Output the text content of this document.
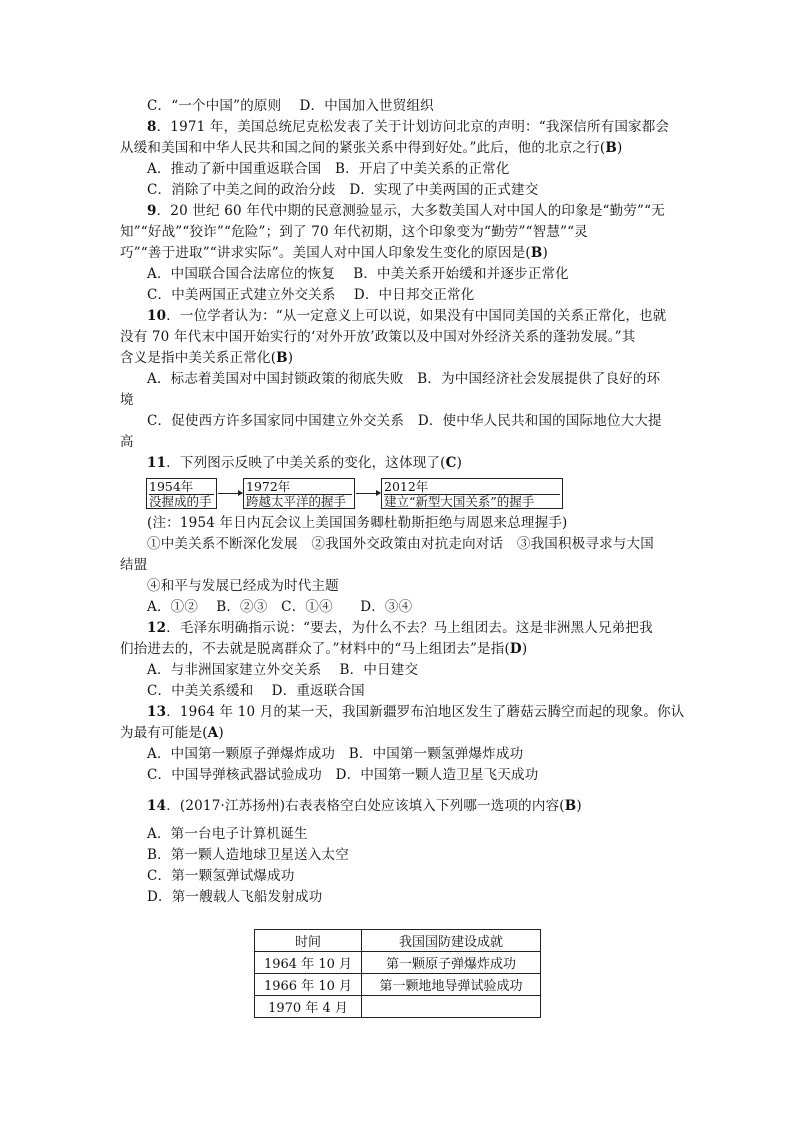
C．“一个中国”的原则　 D．中国加入世贸组织
8．1971 年，美国总统尼克松发表了关于计划访问北京的声明：“我深信所有国家都会
从缓和美国和中华人民共和国之间的紧张关系中得到好处。”此后，他的北京之行(B)
A．推动了新中国重返联合国　B．开启了中美关系的正常化
C．消除了中美之间的政治分歧　D．实现了中美两国的正式建交
9．20 世纪 60 年代中期的民意测验显示，大多数美国人对中国人的印象是“勤劳”“无
知”“好战”“狡诈”“危险”；到了 70 年代初期，这个印象变为“勤劳”“智慧”“灵
巧”“善于进取”“讲求实际”。美国人对中国人印象发生变化的原因是(B)
A．中国联合国合法席位的恢复　 B．中美关系开始缓和并逐步正常化
C．中美两国正式建立外交关系　 D．中日邦交正常化
10．一位学者认为：“从一定意义上可以说，如果没有中国同美国的关系正常化，也就
没有 70 年代末中国开始实行的‘对外开放’政策以及中国对外经济关系的蓬勃发展。”其
含义是指中美关系正常化(B)
A．标志着美国对中国封锁政策的彻底失败　B．为中国经济社会发展提供了良好的环
境
C．促使西方许多国家同中国建立外交关系　D．使中华人民共和国的国际地位大大提
高
11．下列图示反映了中美关系的变化，这体现了(C)
1954年
没握成的手
1972年
跨越太平洋的握手
2012年
建立“新型大国关系”的握手
(注：1954 年日内瓦会议上美国国务卿杜勒斯拒绝与周恩来总理握手)
①中美关系不断深化发展　②我国外交政策由对抗走向对话　③我国积极寻求与大国
结盟
④和平与发展已经成为时代主题
A．①②　 B．②③　C．①④　　D．③④
12．毛泽东明确指示说：“要去，为什么不去？马上组团去。这是非洲黑人兄弟把我
们抬进去的，不去就是脱离群众了。”材料中的“马上组团去”是指(D)
A．与非洲国家建立外交关系　 B．中日建交
C．中美关系缓和　 D．重返联合国
13．1964 年 10 月的某一天，我国新疆罗布泊地区发生了蘑菇云腾空而起的现象。你认
为最有可能是(A)
A．中国第一颗原子弹爆炸成功　B．中国第一颗氢弹爆炸成功
C．中国导弹核武器试验成功　D．中国第一颗人造卫星飞天成功
14．(2017·江苏扬州)右表表格空白处应该填入下列哪一选项的内容(B)
A．第一台电子计算机诞生
B．第一颗人造地球卫星送入太空
C．第一颗氢弹试爆成功
D．第一艘载人飞船发射成功
时间	我国国防建设成就
1964 年 10 月	第一颗原子弹爆炸成功
1966 年 10 月	第一颗地地导弹试验成功
1970 年 4 月	
